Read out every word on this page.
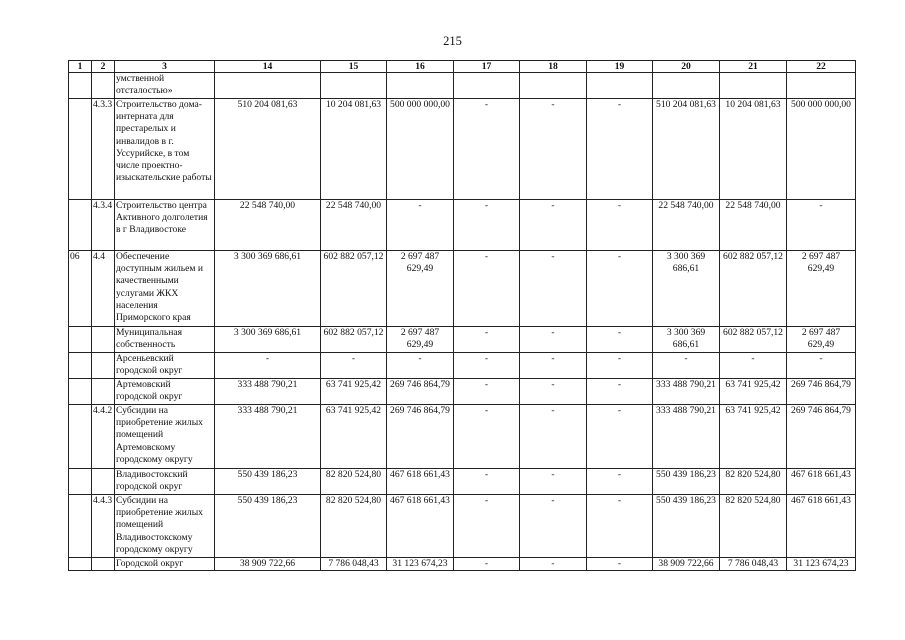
215
1	2	3	14	15	16	17	18	19	20	21	22
		умственной отсталостью»									
	4.3.3	Строительство дома-интерната для престарелых и инвалидов в г. Уссурийске, в том числе проектно-изыскательские работы	510 204 081,63	10 204 081,63	500 000 000,00	-	-	-	510 204 081,63	10 204 081,63	500 000 000,00
	4.3.4	Строительство центра Активного долголетия в г Владивостоке	22 548 740,00	22 548 740,00	-	-	-	-	22 548 740,00	22 548 740,00	-
06	4.4	Обеспечение доступным жильем и качественными услугами ЖКХ населения Приморского края	3 300 369 686,61	602 882 057,12	2 697 487 629,49	-	-	-	3 300 369 686,61	602 882 057,12	2 697 487 629,49
		Муниципальная собственность	3 300 369 686,61	602 882 057,12	2 697 487 629,49	-	-	-	3 300 369 686,61	602 882 057,12	2 697 487 629,49
		Арсеньевский городской округ	-	-	-	-	-	-	-	-	-
		Артемовский городской округ	333 488 790,21	63 741 925,42	269 746 864,79	-	-	-	333 488 790,21	63 741 925,42	269 746 864,79
	4.4.2	Субсидии на приобретение жилых помещений Артемовскому городскому округу	333 488 790,21	63 741 925,42	269 746 864,79	-	-	-	333 488 790,21	63 741 925,42	269 746 864,79
		Владивостокский городской округ	550 439 186,23	82 820 524,80	467 618 661,43	-	-	-	550 439 186,23	82 820 524,80	467 618 661,43
	4.4.3	Субсидии на приобретение жилых помещений Владивостокскому городскому округу	550 439 186,23	82 820 524,80	467 618 661,43	-	-	-	550 439 186,23	82 820 524,80	467 618 661,43
		Городской округ	38 909 722,66	7 786 048,43	31 123 674,23	-	-	-	38 909 722,66	7 786 048,43	31 123 674,23
